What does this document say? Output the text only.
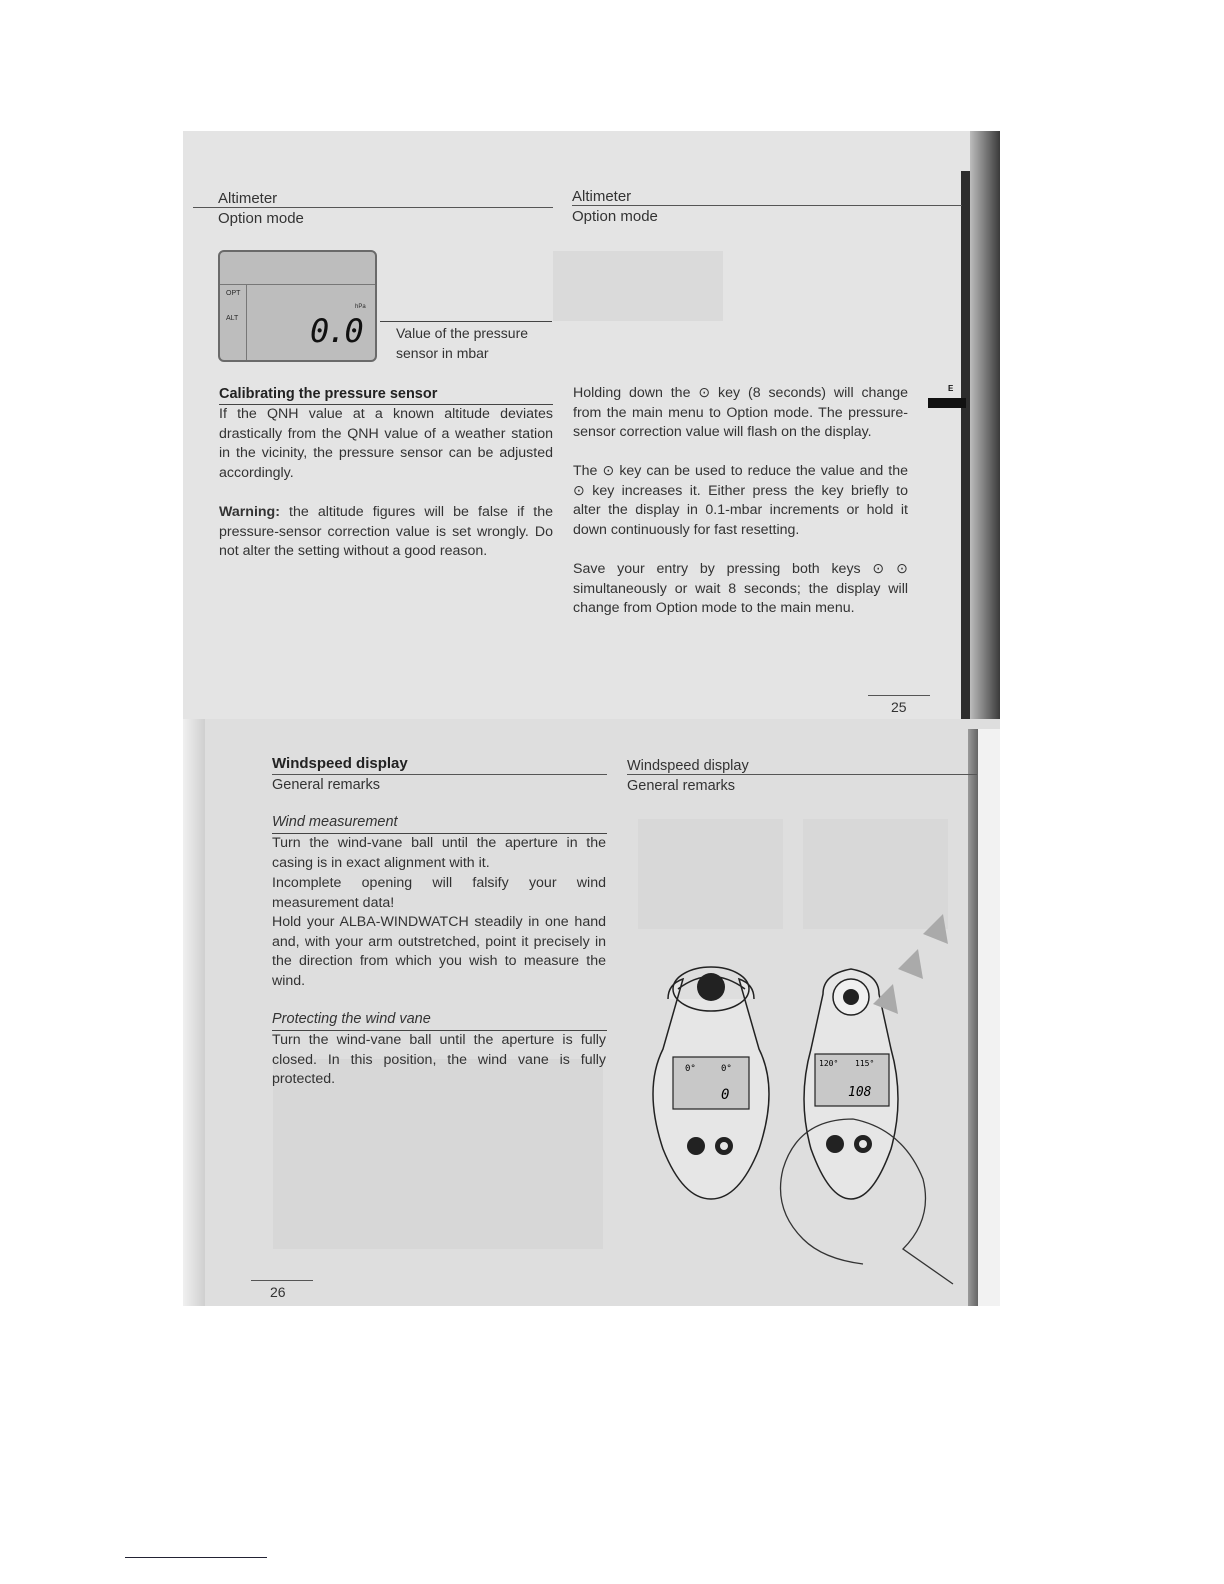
Altimeter
Option mode
OPT
ALT
hPa
0.0 Value of the pressure sensor in mbar
Calibrating the pressure sensor
If the QNH value at a known altitude deviates drastically from the QNH value of a weather station in the vicinity, the pressure sensor can be adjusted accordingly.
Warning: the altitude figures will be false if the pressure-sensor correction value is set wrongly. Do not alter the setting without a good reason.
Altimeter
Option mode
Holding down the ⊙ key (8 seconds) will change from the main menu to Option mode. The pressure-sensor correction value will flash on the display.
The ⊙ key can be used to reduce the value and the ⊙ key increases it. Either press the key briefly to alter the display in 0.1-mbar increments or hold it down continuously for fast resetting.
Save your entry by pressing both keys ⊙ ⊙ simultaneously or wait 8 seconds; the display will change from Option mode to the main menu.
E
25
Windspeed display
General remarks
Wind measurement
Turn the wind-vane ball until the aperture in the casing is in exact alignment with it.
Incomplete opening will falsify your wind measurement data!
Hold your ALBA-WINDWATCH steadily in one hand and, with your arm outstretched, point it precisely in the direction from which you wish to measure the wind.
Protecting the wind vane
Turn the wind-vane ball until the aperture is fully closed. In this position, the wind vane is fully protected.
26
Windspeed display
General remarks
0°	0°
0
120° 115°
108
